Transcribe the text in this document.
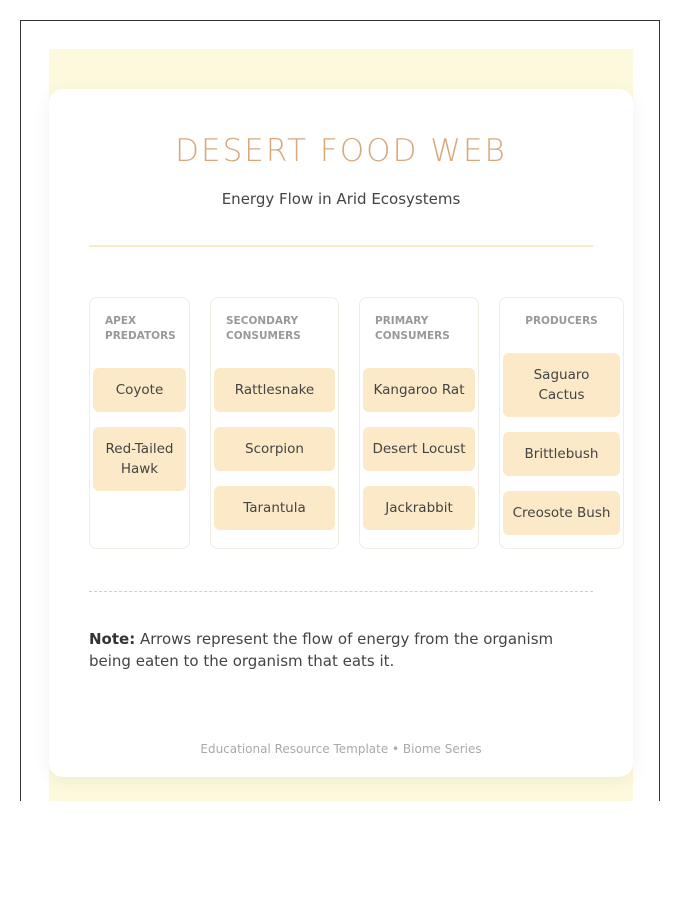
DESERT FOOD WEB

Energy Flow in Arid Ecosystems

APEX PREDATORS
Coyote
Red-Tailed Hawk
SECONDARY CONSUMERS
Rattlesnake
Scorpion
Tarantula
PRIMARY CONSUMERS
Kangaroo Rat
Desert Locust
Jackrabbit
PRODUCERS
Saguaro Cactus
Brittlebush
Creosote Bush

Note: Arrows represent the flow of energy from the organism being eaten to the organism that eats it.

Educational Resource Template • Biome Series
